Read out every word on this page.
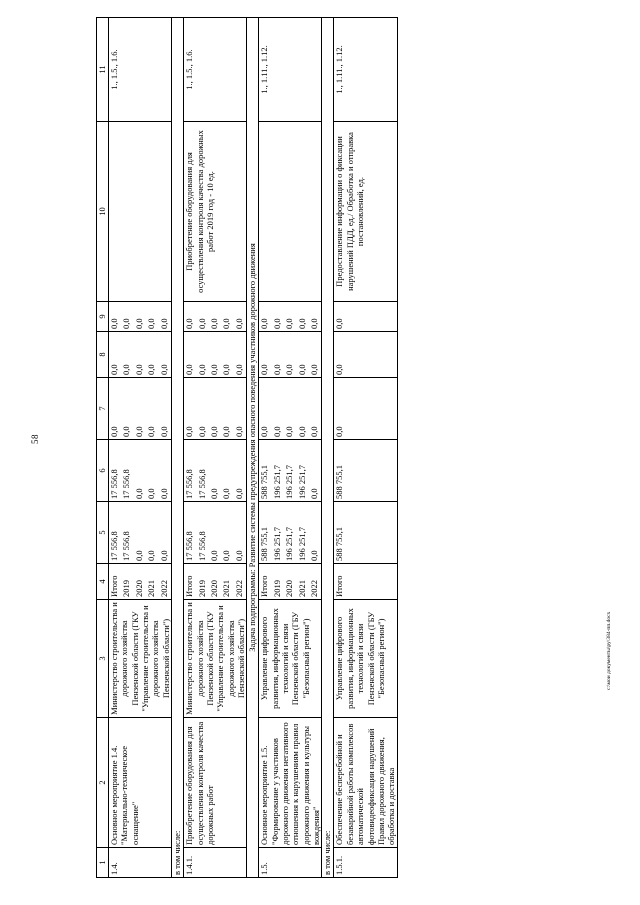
58
c:\мои документы\ру\384-пп.docx
1	2	3	4	5	6	7	8	9	10	11
1.4.	Основное мероприятие 1.4. "Материально-техническое оснащение"	Министерство строительства и дорожного хозяйства Пензенской области (ГКУ "Управление строительства и дорожного хозяйства Пензенской области")	Итого	17 556,8	17 556,8	0,0	0,0	0,0		1., 1.5., 1.6.
			2019	17 556,8	17 556,8	0,0	0,0	0,0		
			2020	0,0	0,0	0,0	0,0	0,0		
			2021	0,0	0,0	0,0	0,0	0,0		
			2022	0,0	0,0	0,0	0,0	0,0		
в том числе:										
1.4.1.	Приобретение оборудования для осуществления контроля качества дорожных работ	Министерство строительства и дорожного хозяйства Пензенской области (ГКУ "Управление строительства и дорожного хозяйства Пензенской области")	Итого	17 556,8	17 556,8	0,0	0,0	0,0	Приобретение оборудования для осуществления контроля качества дорожных работ 2019 год - 10 ед.	1., 1.5., 1.6.
			2019	17 556,8	17 556,8	0,0	0,0	0,0		
			2020	0,0	0,0	0,0	0,0	0,0		
			2021	0,0	0,0	0,0	0,0	0,0		
			2022	0,0	0,0	0,0	0,0	0,0		
Задача подпрограммы: Развитие системы предупреждения опасного поведения участников дорожного движения										
1.5.	Основное мероприятие 1.5. "Формирование у участников дорожного движения негативного отношения к нарушениям правил дорожного движения и культуры вождения"	Управление цифрового развития, информационных технологий и связи Пензенской области (ГБУ "Безопасный регион")	Итого	588 755,1	588 755,1	0,0	0,0	0,0		1., 1.11., 1.12.
			2019	196 251,7	196 251,7	0,0	0,0	0,0		
			2020	196 251,7	196 251,7	0,0	0,0	0,0		
			2021	196 251,7	196 251,7	0,0	0,0	0,0		
			2022	0,0	0,0	0,0	0,0	0,0		
в том числе:										
1.5.1.	Обеспечение бесперебойной и безаварийной работы комплексов автоматической фотовидеофиксации нарушений Правил дорожного движения, обработка и доставка	Управление цифрового развития, информационных технологий и связи Пензенской области (ГБУ "Безопасный регион")	Итого	588 755,1	588 755,1	0,0	0,0	0,0	Предоставление информации о фиксации нарушений ПДД, ед./ Обработка и отправка постановлений, ед.	1., 1.11., 1.12.
